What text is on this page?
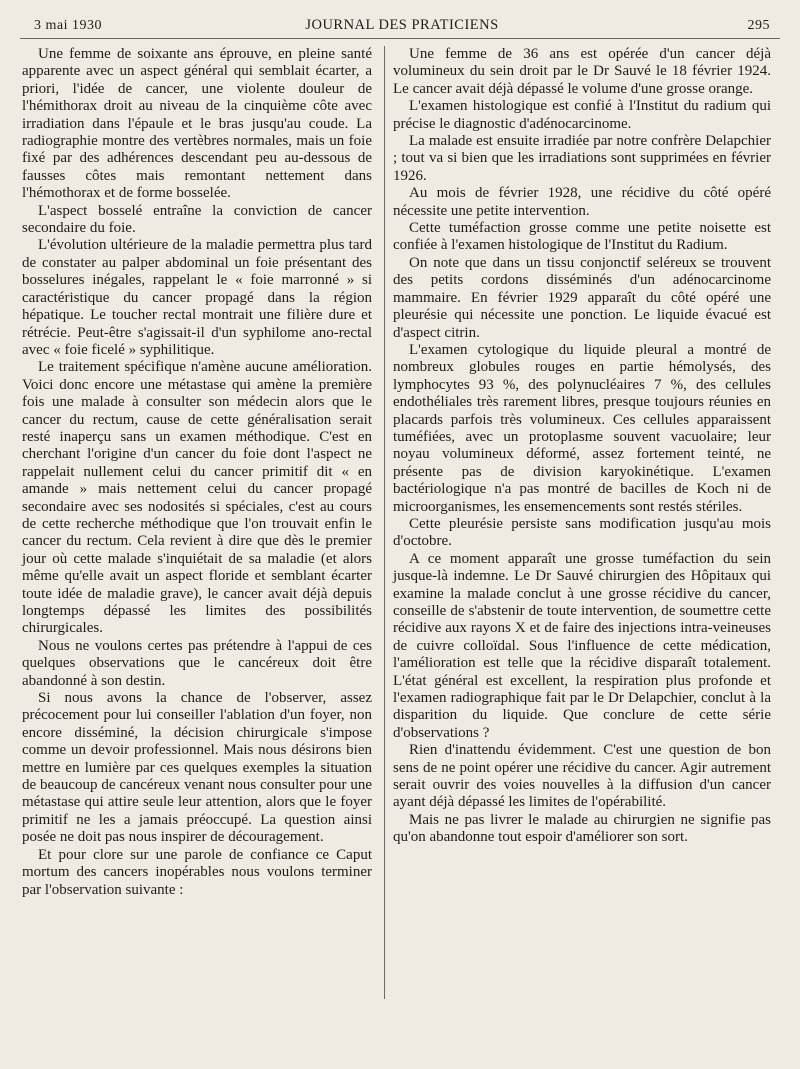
3 mai 1930	JOURNAL DES PRATICIENS	295

Une femme de soixante ans éprouve, en pleine santé apparente avec un aspect général qui semblait écarter, a priori, l'idée de cancer, une violente douleur de l'hémithorax droit au niveau de la cinquième côte avec irradiation dans l'épaule et le bras jusqu'au coude. La radiographie montre des vertèbres normales, mais un foie fixé par des adhérences descendant peu au-dessous de fausses côtes mais remontant nettement dans l'hémothorax et de forme bosselée.

L'aspect bosselé entraîne la conviction de cancer secondaire du foie.

L'évolution ultérieure de la maladie permettra plus tard de constater au palper abdominal un foie présentant des bosselures inégales, rappelant le « foie marronné » si caractéristique du cancer propagé dans la région hépatique. Le toucher rectal montrait une filière dure et rétrécie. Peut-être s'agissait-il d'un syphilome ano-rectal avec « foie ficelé » syphilitique.

Le traitement spécifique n'amène aucune amélioration. Voici donc encore une métastase qui amène la première fois une malade à consulter son médecin alors que le cancer du rectum, cause de cette généralisation serait resté inaperçu sans un examen méthodique. C'est en cherchant l'origine d'un cancer du foie dont l'aspect ne rappelait nullement celui du cancer primitif dit « en amande » mais nettement celui du cancer propagé secondaire avec ses nodosités si spéciales, c'est au cours de cette recherche méthodique que l'on trouvait enfin le cancer du rectum. Cela revient à dire que dès le premier jour où cette malade s'inquiétait de sa maladie (et alors même qu'elle avait un aspect floride et semblant écarter toute idée de maladie grave), le cancer avait déjà depuis longtemps dépassé les limites des possibilités chirurgicales.

Nous ne voulons certes pas prétendre à l'appui de ces quelques observations que le cancéreux doit être abandonné à son destin.

Si nous avons la chance de l'observer, assez précocement pour lui conseiller l'ablation d'un foyer, non encore disséminé, la décision chirurgicale s'impose comme un devoir professionnel. Mais nous désirons bien mettre en lumière par ces quelques exemples la situation de beaucoup de cancéreux venant nous consulter pour une métastase qui attire seule leur attention, alors que le foyer primitif ne les a jamais préoccupé. La question ainsi posée ne doit pas nous inspirer de découragement.

Et pour clore sur une parole de confiance ce Caput mortum des cancers inopérables nous voulons terminer par l'observation suivante :

Une femme de 36 ans est opérée d'un cancer déjà volumineux du sein droit par le Dr Sauvé le 18 février 1924. Le cancer avait déjà dépassé le volume d'une grosse orange.

L'examen histologique est confié à l'Institut du radium qui précise le diagnostic d'adénocarcinome.

La malade est ensuite irradiée par notre confrère Delapchier ; tout va si bien que les irradiations sont supprimées en février 1926.

Au mois de février 1928, une récidive du côté opéré nécessite une petite intervention.

Cette tuméfaction grosse comme une petite noisette est confiée à l'examen histologique de l'Institut du Radium.

On note que dans un tissu conjonctif seléreux se trouvent des petits cordons disséminés d'un adénocarcinome mammaire. En février 1929 apparaît du côté opéré une pleurésie qui nécessite une ponction. Le liquide évacué est d'aspect citrin.

L'examen cytologique du liquide pleural a montré de nombreux globules rouges en partie hémolysés, des lymphocytes 93 %, des polynucléaires 7 %, des cellules endothéliales très rarement libres, presque toujours réunies en placards parfois très volumineux. Ces cellules apparaissent tuméfiées, avec un protoplasme souvent vacuolaire; leur noyau volumineux déformé, assez fortement teinté, ne présente pas de division karyokinétique. L'examen bactériologique n'a pas montré de bacilles de Koch ni de microorganismes, les ensemencements sont restés stériles.

Cette pleurésie persiste sans modification jusqu'au mois d'octobre.

A ce moment apparaît une grosse tuméfaction du sein jusque-là indemne. Le Dr Sauvé chirurgien des Hôpitaux qui examine la malade conclut à une grosse récidive du cancer, conseille de s'abstenir de toute intervention, de soumettre cette récidive aux rayons X et de faire des injections intra-veineuses de cuivre colloïdal. Sous l'influence de cette médication, l'amélioration est telle que la récidive disparaît totalement. L'état général est excellent, la respiration plus profonde et l'examen radiographique fait par le Dr Delapchier, conclut à la disparition du liquide. Que conclure de cette série d'observations ?

Rien d'inattendu évidemment. C'est une question de bon sens de ne point opérer une récidive du cancer. Agir autrement serait ouvrir des voies nouvelles à la diffusion d'un cancer ayant déjà dépassé les limites de l'opérabilité.

Mais ne pas livrer le malade au chirurgien ne signifie pas qu'on abandonne tout espoir d'améliorer son sort.
